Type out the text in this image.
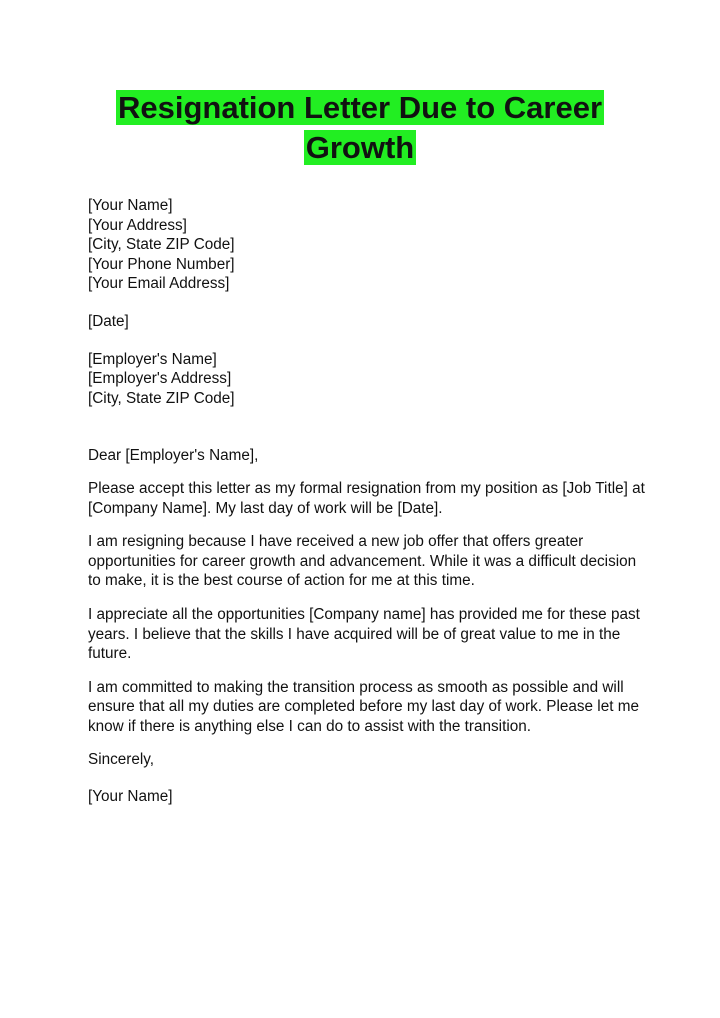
Resignation Letter Due to Career Growth
[Your Name]
[Your Address]
[City, State ZIP Code]
[Your Phone Number]
[Your Email Address]
[Date]
[Employer's Name]
[Employer's Address]
[City, State ZIP Code]
Dear [Employer's Name],

Please accept this letter as my formal resignation from my position as [Job Title] at [Company Name]. My last day of work will be [Date].

I am resigning because I have received a new job offer that offers greater opportunities for career growth and advancement. While it was a difficult decision to make, it is the best course of action for me at this time.

I appreciate all the opportunities [Company name] has provided me for these past years. I believe that the skills I have acquired will be of great value to me in the future.

I am committed to making the transition process as smooth as possible and will ensure that all my duties are completed before my last day of work. Please let me know if there is anything else I can do to assist with the transition.

Sincerely,
[Your Name]
